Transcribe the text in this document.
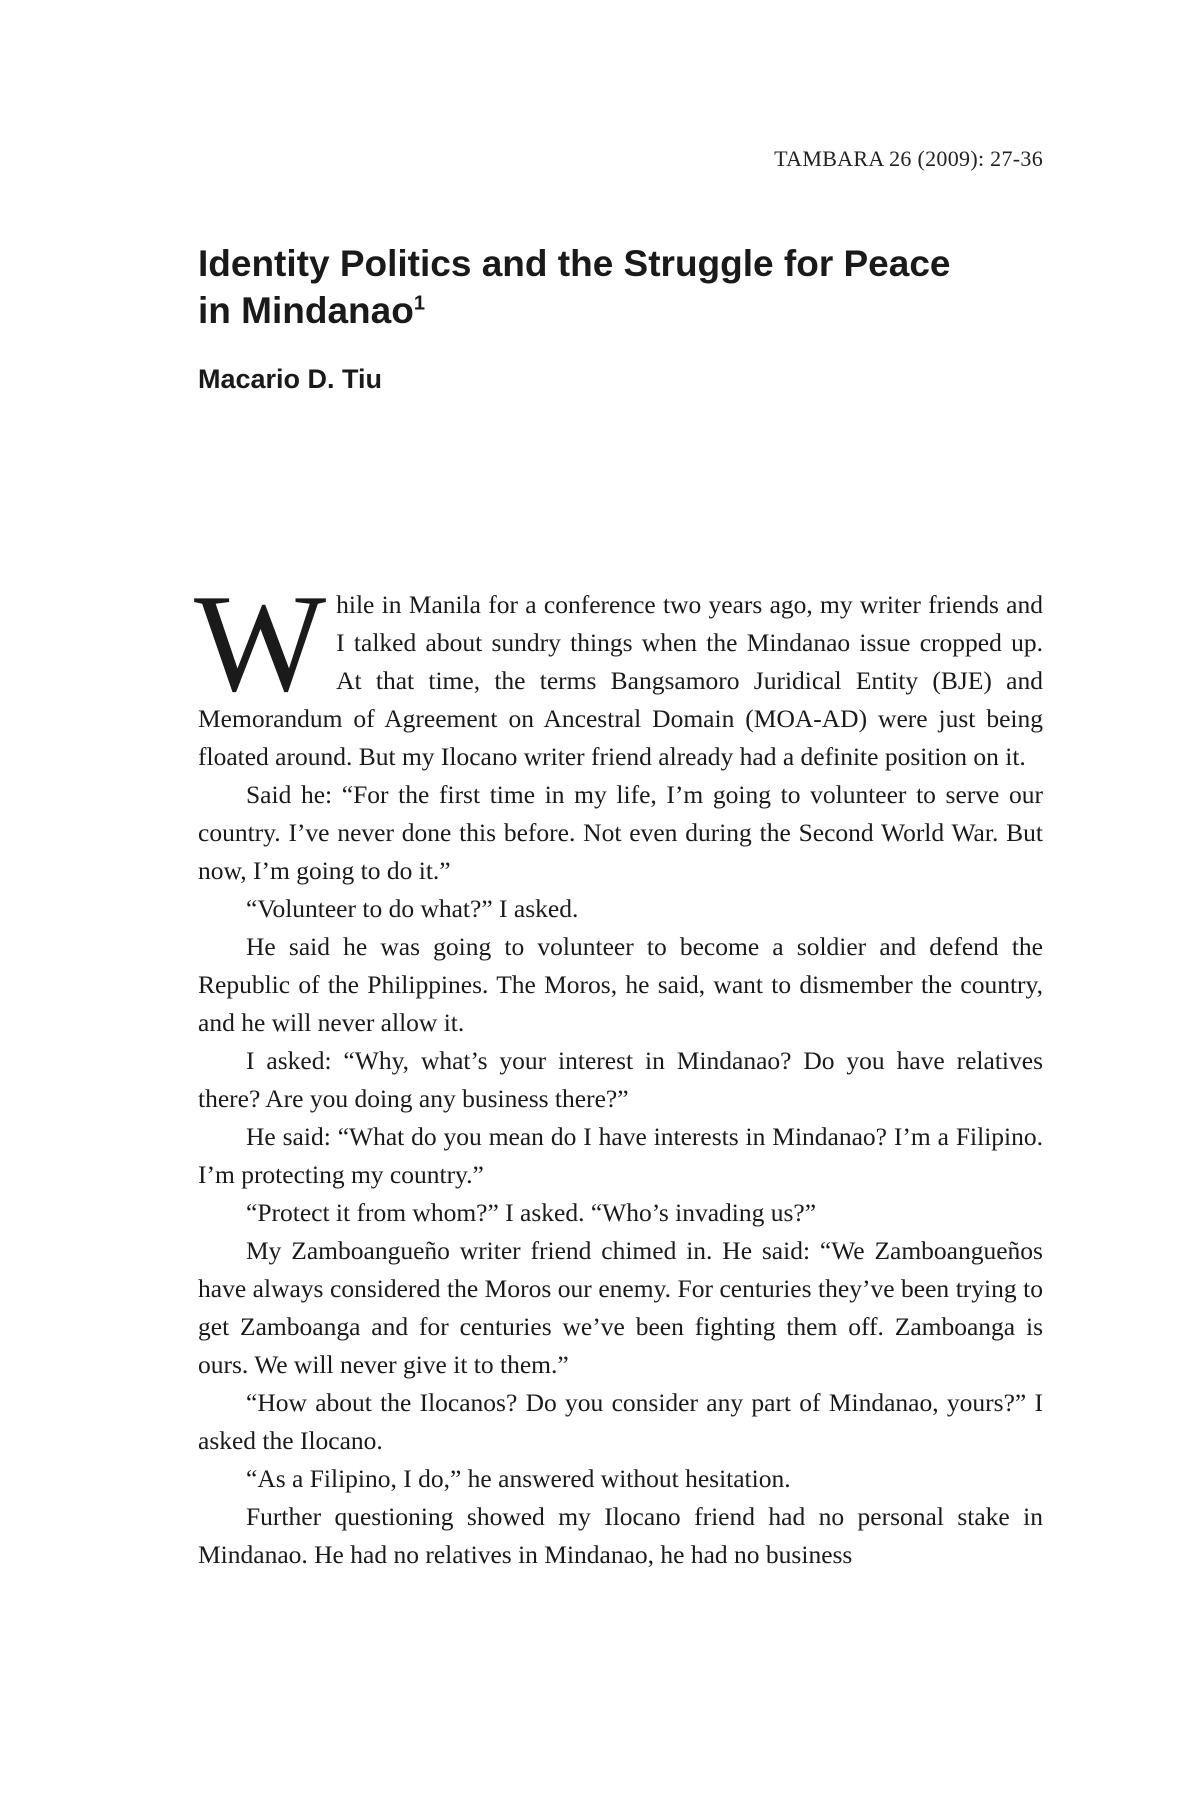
TAMBARA 26 (2009): 27-36
Identity Politics and the Struggle for Peace
in Mindanao$^1$

Macario D. Tiu

While in Manila for a conference two years ago, my writer friends and I talked about sundry things when the Mindanao issue cropped up. At that time, the terms Bangsamoro Juridical Entity (BJE) and Memorandum of Agreement on Ancestral Domain (MOA-AD) were just being floated around. But my Ilocano writer friend already had a definite position on it.

Said he: “For the first time in my life, I’m going to volunteer to serve our country. I’ve never done this before. Not even during the Second World War. But now, I’m going to do it.”

“Volunteer to do what?” I asked.

He said he was going to volunteer to become a soldier and defend the Republic of the Philippines. The Moros, he said, want to dismember the country, and he will never allow it.

I asked: “Why, what’s your interest in Mindanao? Do you have relatives there? Are you doing any business there?”

He said: “What do you mean do I have interests in Mindanao? I’m a Filipino. I’m protecting my country.”

“Protect it from whom?” I asked. “Who’s invading us?”

My Zamboangueño writer friend chimed in. He said: “We Zamboangueños have always considered the Moros our enemy. For centuries they’ve been trying to get Zamboanga and for centuries we’ve been fighting them off. Zamboanga is ours. We will never give it to them.”

“How about the Ilocanos? Do you consider any part of Mindanao, yours?” I asked the Ilocano.

“As a Filipino, I do,” he answered without hesitation.

Further questioning showed my Ilocano friend had no personal stake in Mindanao. He had no relatives in Mindanao, he had no business
